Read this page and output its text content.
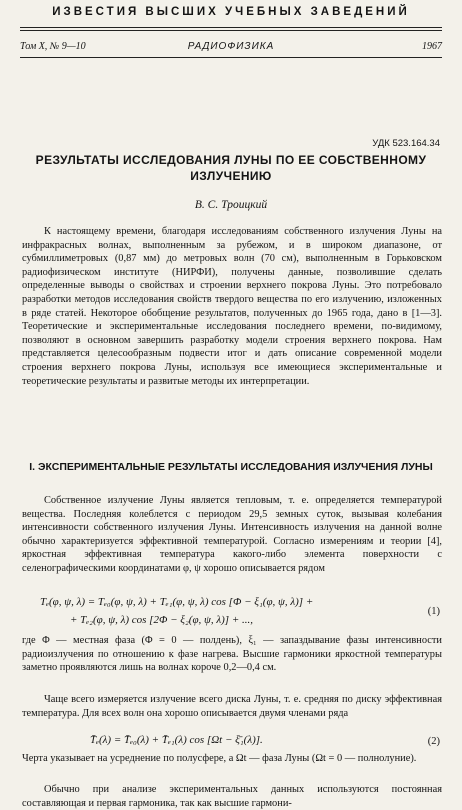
ИЗВЕСТИЯ ВЫСШИХ УЧЕБНЫХ ЗАВЕДЕНИЙ
Том X, № 9—10	РАДИОФИЗИКА	1967
УДК 523.164.34
РЕЗУЛЬТАТЫ ИССЛЕДОВАНИЯ ЛУНЫ ПО ЕЕ СОБСТВЕННОМУ ИЗЛУЧЕНИЮ
В. С. Троицкий
К настоящему времени, благодаря исследованиям собственного излучения Луны на инфракрасных волнах, выполненным за рубежом, и в широком диапазоне, от субмиллиметровых (0,87 мм) до метровых волн (70 см), выполненным в Горьковском радиофизическом институте (НИРФИ), получены данные, позволившие сделать определенные выводы о свойствах и строении верхнего покрова Луны. Это потребовало разработки методов исследования свойств твердого вещества по его излучению, изложенных в ряде статей. Некоторое обобщение результатов, полученных до 1965 года, дано в [1—3]. Теоретические и экспериментальные исследования последнего времени, по-видимому, позволяют в основном завершить разработку модели строения верхнего покрова. Нам представляется целесообразным подвести итог и дать описание современной модели строения верхнего покрова Луны, используя все имеющиеся экспериментальные и теоретические результаты и развитые методы их интерпретации.
I. ЭКСПЕРИМЕНТАЛЬНЫЕ РЕЗУЛЬТАТЫ ИССЛЕДОВАНИЯ ИЗЛУЧЕНИЯ ЛУНЫ
Собственное излучение Луны является тепловым, т. е. определяется температурой вещества. Последняя колеблется с периодом 29,5 земных суток, вызывая колебания интенсивности собственного излучения Луны. Интенсивность излучения на данной волне обычно характеризуется эффективной температурой. Согласно измерениям и теории [4], яркостная эффективная температура какого-либо элемента поверхности с селенографическими координатами φ, ψ хорошо описывается рядом
Tₑ(φ, ψ, λ) = Tₑ₀(φ, ψ, λ) + Tₑ₁(φ, ψ, λ) cos [Φ − ξ₁(φ, ψ, λ)] +
+ Tₑ₂(φ, ψ, λ) cos [2Φ − ξ₂(φ, ψ, λ)] + ...,
(1)
где Φ — местная фаза (Φ = 0 — полдень), ξ₁ — запаздывание фазы интенсивности радиоизлучения по отношению к фазе нагрева. Высшие гармоники яркостной температуры заметно проявляются лишь на волнах короче 0,2—0,4 см.
Чаще всего измеряется излучение всего диска Луны, т. е. средняя по диску эффективная температура. Для всех волн она хорошо описывается двумя членами ряда
T̄ₑ(λ) = T̄ₑ₀(λ) + T̄ₑ₁(λ) cos [Ωt − ξ̄₁(λ)].	(2)
Черта указывает на усреднение по полусфере, а Ωt — фаза Луны (Ωt = 0 — полнолуние).
Обычно при анализе экспериментальных данных используются постоянная составляющая и первая гармоника, так как высшие гармони-
